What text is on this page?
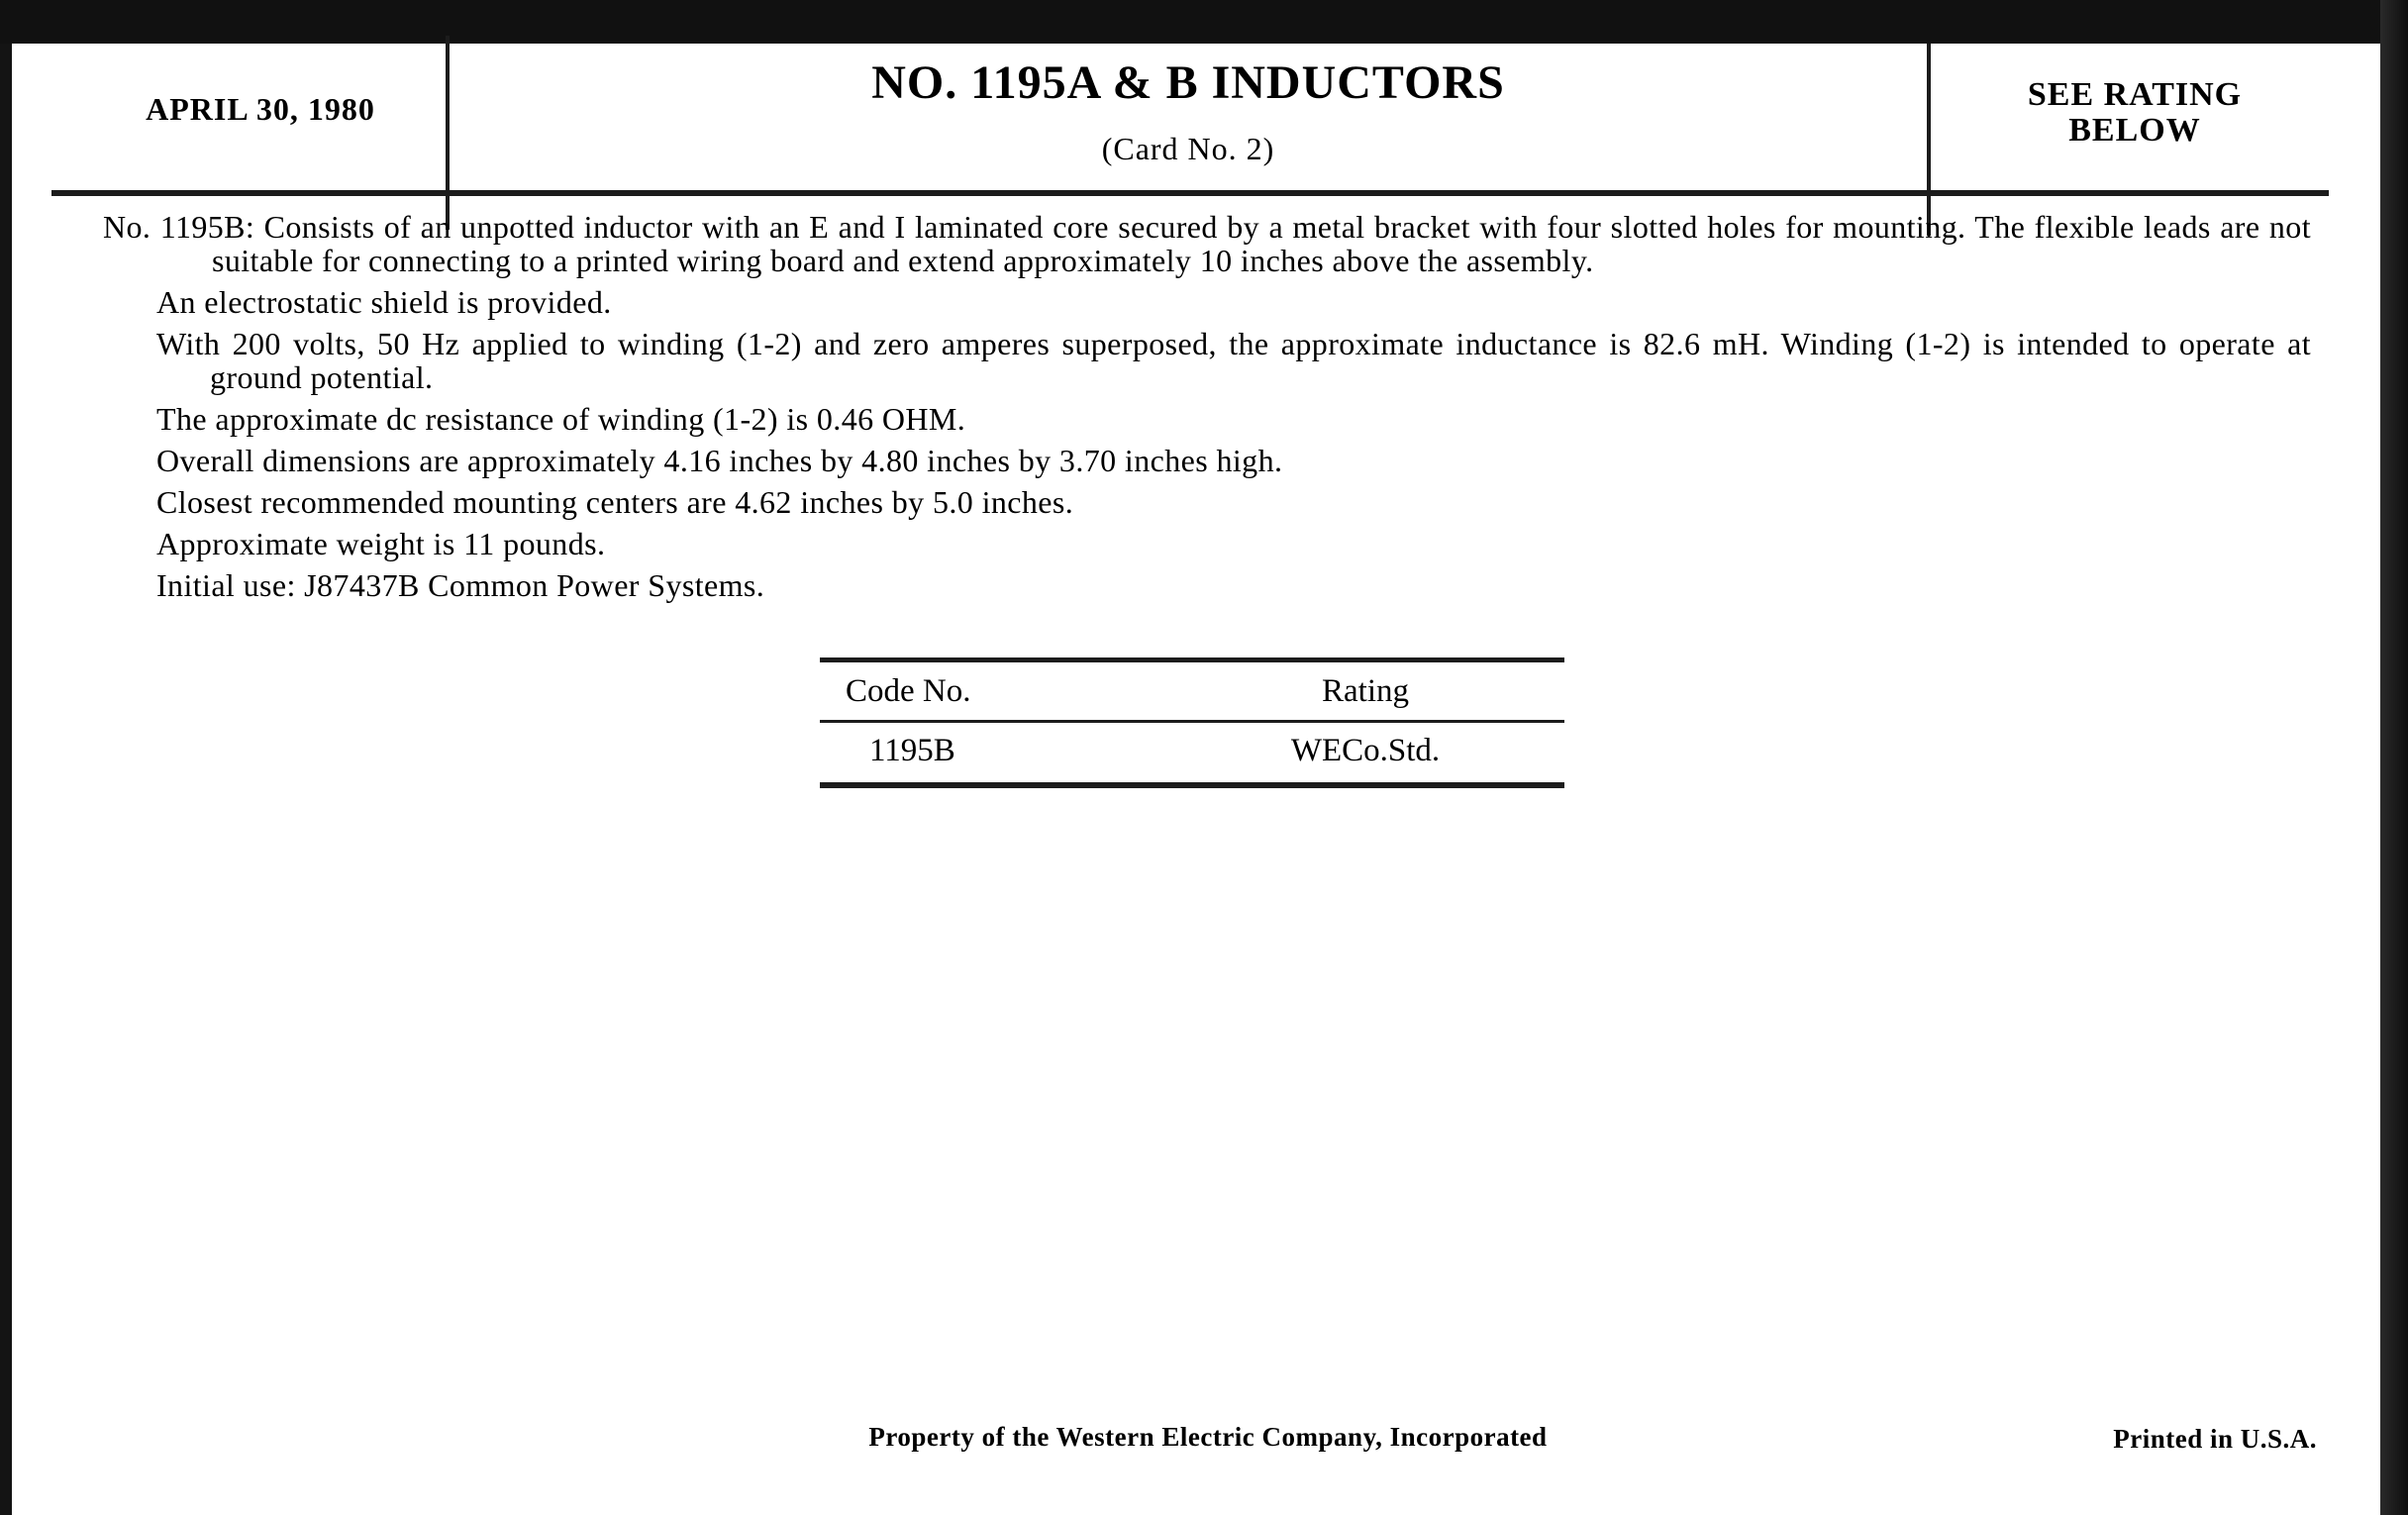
APRIL 30, 1980	NO. 1195A & B INDUCTORS
(Card No. 2)
SEE RATING
BELOW

No. 1195B: Consists of an unpotted inductor with an E and I laminated core secured by a metal bracket with four slotted holes for mounting. The flexible leads are not suitable for connecting to a printed wiring board and extend approximately 10 inches above the assembly.

An electrostatic shield is provided.

With 200 volts, 50 Hz applied to winding (1-2) and zero amperes superposed, the approximate inductance is 82.6 mH. Winding (1-2) is intended to operate at ground potential.

The approximate dc resistance of winding (1-2) is 0.46 OHM.

Overall dimensions are approximately 4.16 inches by 4.80 inches by 3.70 inches high.

Closest recommended mounting centers are 4.62 inches by 5.0 inches.

Approximate weight is 11 pounds.

Initial use: J87437B Common Power Systems.

Code No.	Rating
1195B	WECo.Std.
Property of the Western Electric Company, Incorporated	Printed in U.S.A.
